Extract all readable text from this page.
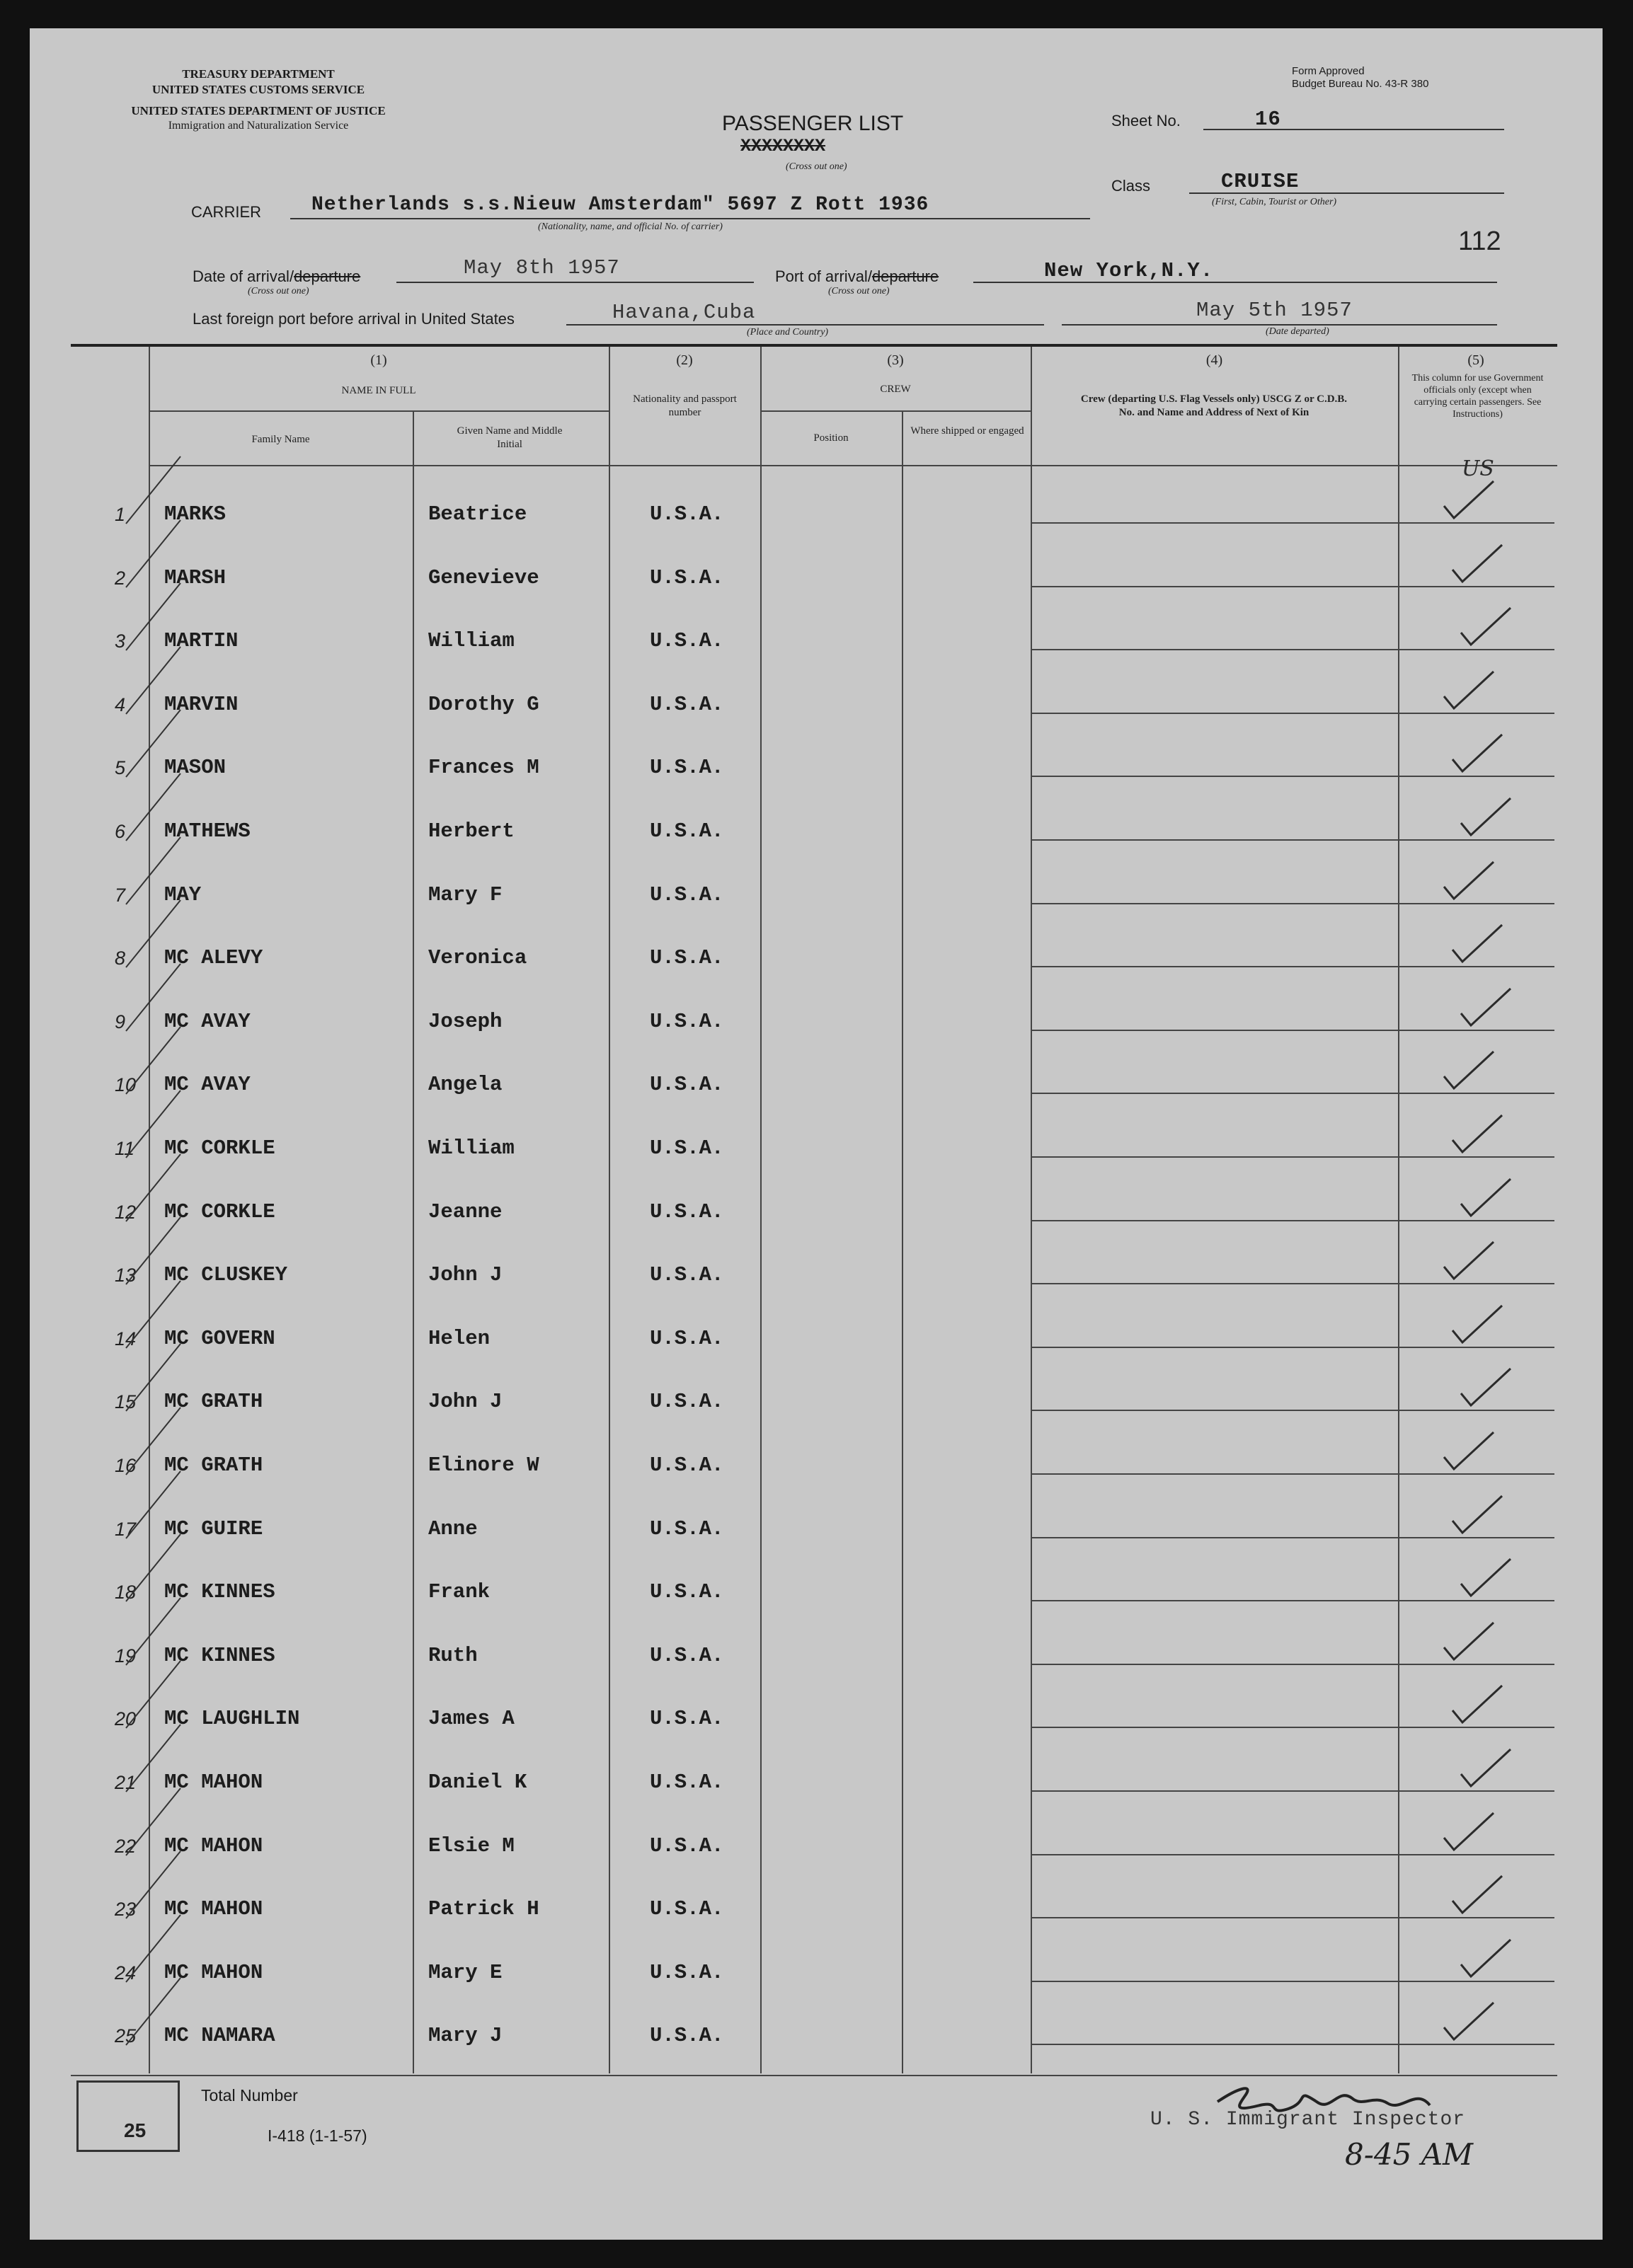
TREASURY DEPARTMENT
UNITED STATES CUSTOMS SERVICE
UNITED STATES DEPARTMENT OF JUSTICE
Immigration and Naturalization Service
Form Approved
Budget Bureau No. 43-R 380
PASSENGER LIST
XXXXXXXX
(Cross out one)
Sheet No.	16
Class	CRUISE
(First, Cabin, Tourist or Other)
CARRIER	Netherlands s.s.Nieuw Amsterdam" 5697 Z Rott 1936
(Nationality, name, and official No. of carrier)	112
Date of arrival/departure	May 8th 1957
(Cross out one)
Port of arrival/departure	New York,N.Y.
(Cross out one)
Last foreign port before arrival in United States	Havana,Cuba
(Place and Country)
May 5th 1957
(Date departed)
(1)
NAME IN FULL
Family Name
Given Name and Middle Initial
(2)
Nationality and passport number
(3)
CREW
Position
Where shipped or engaged
(4)
Crew (departing U.S. Flag Vessels only) USCG Z or C.D.B. No. and Name and Address of Next of Kin
(5)
This column for use Government officials only (except when carrying certain passengers. See Instructions)
1 MARKS	Beatrice	U.S.A.
2 MARSH	Genevieve	U.S.A.
3 MARTIN	William	U.S.A.
4 MARVIN	Dorothy G	U.S.A.
5 MASON	Frances M	U.S.A.
6 MATHEWS	Herbert	U.S.A.
7 MAY	Mary F	U.S.A.
8 MC ALEVY	Veronica	U.S.A.
9 MC AVAY	Joseph	U.S.A.
10 MC AVAY	Angela	U.S.A.
11 MC CORKLE	William	U.S.A.
12 MC CORKLE	Jeanne	U.S.A.
13 MC CLUSKEY	John J	U.S.A.
14 MC GOVERN	Helen	U.S.A.
15 MC GRATH	John J	U.S.A.
16 MC GRATH	Elinore W	U.S.A.
17 MC GUIRE	Anne	U.S.A.
18 MC KINNES	Frank	U.S.A.
19 MC KINNES	Ruth	U.S.A.
20 MC LAUGHLIN	James A	U.S.A.
21 MC MAHON	Daniel K	U.S.A.
22 MC MAHON	Elsie M	U.S.A.
23 MC MAHON	Patrick H	U.S.A.
24 MC MAHON	Mary E	U.S.A.
25 MC NAMARA	Mary J	U.S.A.
US
25
Total Number
I-418 (1-1-57)
U. S. Immigrant Inspector
8-45 AM
